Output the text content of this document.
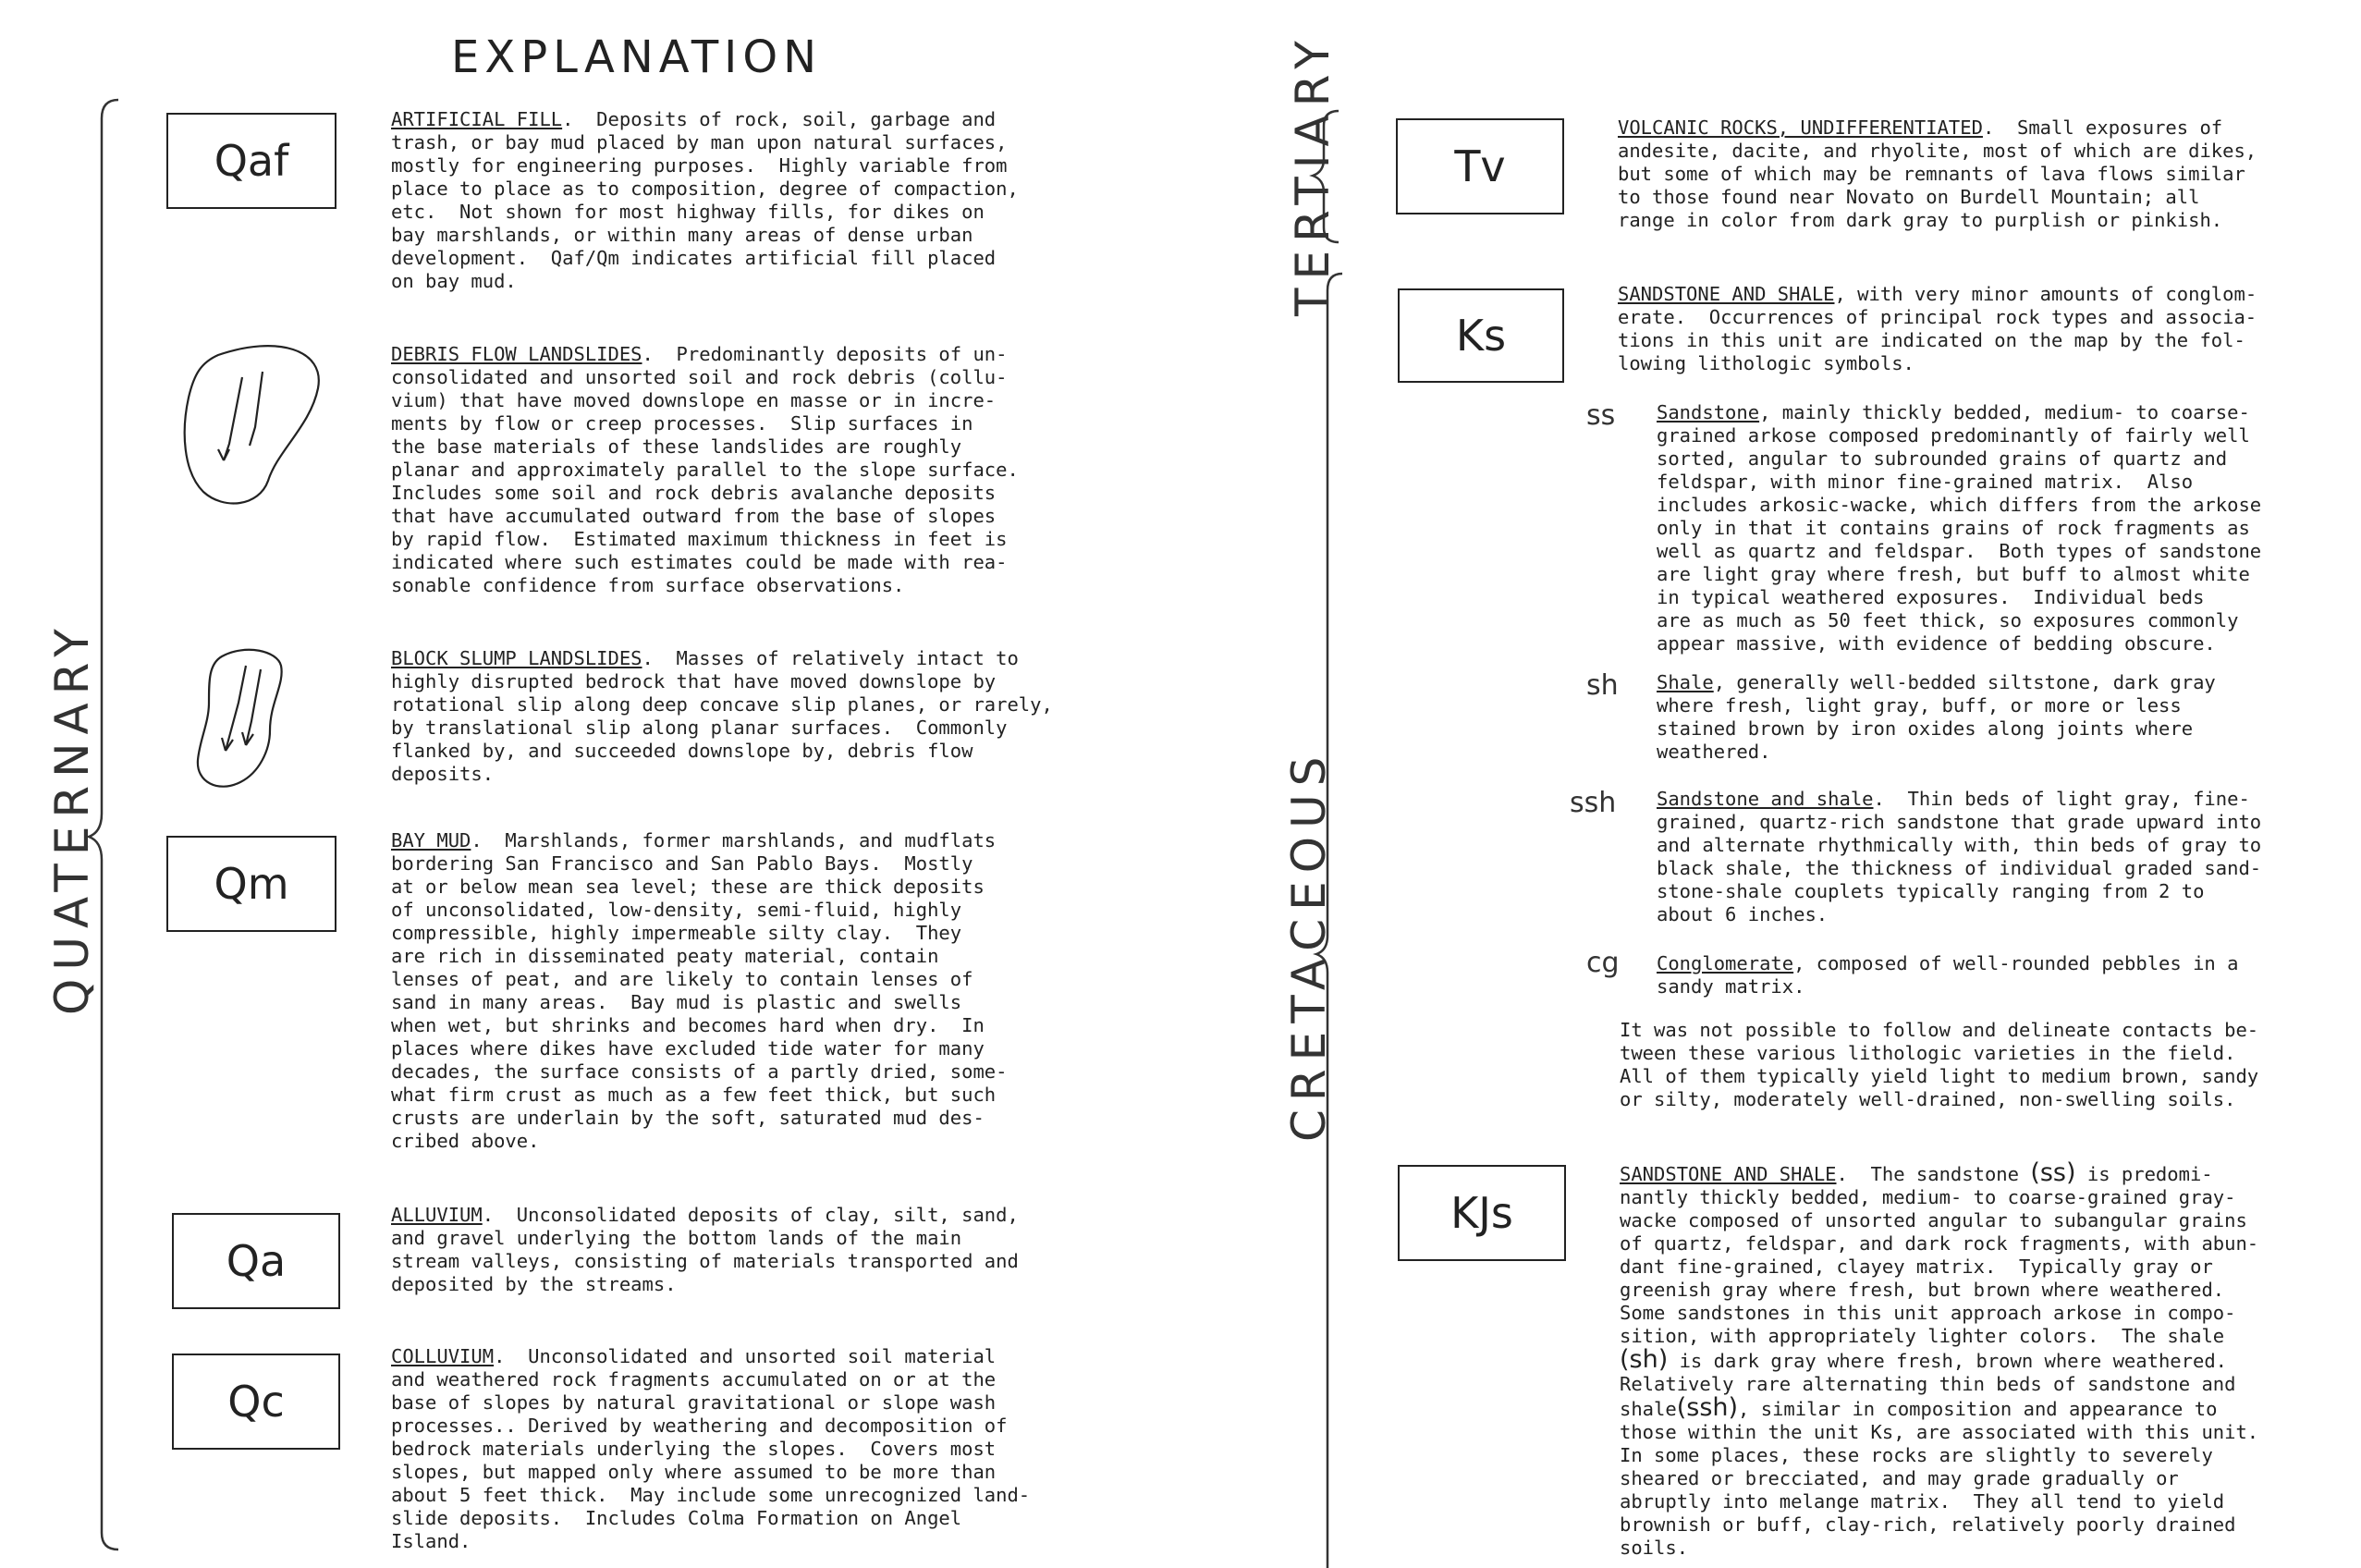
EXPLANATION
QUATERNARY
TERTIARY
CRETACEOUS
Qaf
ARTIFICIAL FILL.  Deposits of rock, soil, garbage and
trash, or bay mud placed by man upon natural surfaces,
mostly for engineering purposes.  Highly variable from
place to place as to composition, degree of compaction,
etc.  Not shown for most highway fills, for dikes on
bay marshlands, or within many areas of dense urban
development.  Qaf/Qm indicates artificial fill placed
on bay mud.
DEBRIS FLOW LANDSLIDES.  Predominantly deposits of un-
consolidated and unsorted soil and rock debris (collu-
vium) that have moved downslope en masse or in incre-
ments by flow or creep processes.  Slip surfaces in
the base materials of these landslides are roughly
planar and approximately parallel to the slope surface.
Includes some soil and rock debris avalanche deposits
that have accumulated outward from the base of slopes
by rapid flow.  Estimated maximum thickness in feet is
indicated where such estimates could be made with rea-
sonable confidence from surface observations.
BLOCK SLUMP LANDSLIDES.  Masses of relatively intact to
highly disrupted bedrock that have moved downslope by
rotational slip along deep concave slip planes, or rarely,
by translational slip along planar surfaces.  Commonly
flanked by, and succeeded downslope by, debris flow
deposits.
Qm
BAY MUD.  Marshlands, former marshlands, and mudflats
bordering San Francisco and San Pablo Bays.  Mostly
at or below mean sea level; these are thick deposits
of unconsolidated, low-density, semi-fluid, highly
compressible, highly impermeable silty clay.  They
are rich in disseminated peaty material, contain
lenses of peat, and are likely to contain lenses of
sand in many areas.  Bay mud is plastic and swells
when wet, but shrinks and becomes hard when dry.  In
places where dikes have excluded tide water for many
decades, the surface consists of a partly dried, some-
what firm crust as much as a few feet thick, but such
crusts are underlain by the soft, saturated mud des-
cribed above.
Qa
ALLUVIUM.  Unconsolidated deposits of clay, silt, sand,
and gravel underlying the bottom lands of the main
stream valleys, consisting of materials transported and
deposited by the streams.
Qc
COLLUVIUM.  Unconsolidated and unsorted soil material
and weathered rock fragments accumulated on or at the
base of slopes by natural gravitational or slope wash
processes.. Derived by weathering and decomposition of
bedrock materials underlying the slopes.  Covers most
slopes, but mapped only where assumed to be more than
about 5 feet thick.  May include some unrecognized land-
slide deposits.  Includes Colma Formation on Angel
Island.
Tv
VOLCANIC ROCKS, UNDIFFERENTIATED.  Small exposures of
andesite, dacite, and rhyolite, most of which are dikes,
but some of which may be remnants of lava flows similar
to those found near Novato on Burdell Mountain; all
range in color from dark gray to purplish or pinkish.
Ks
SANDSTONE AND SHALE, with very minor amounts of conglom-
erate.  Occurrences of principal rock types and associa-
tions in this unit are indicated on the map by the fol-
lowing lithologic symbols.
ss Sandstone, mainly thickly bedded, medium- to coarse-
grained arkose composed predominantly of fairly well
sorted, angular to subrounded grains of quartz and
feldspar, with minor fine-grained matrix.  Also
includes arkosic-wacke, which differs from the arkose
only in that it contains grains of rock fragments as
well as quartz and feldspar.  Both types of sandstone
are light gray where fresh, but buff to almost white
in typical weathered exposures.  Individual beds
are as much as 50 feet thick, so exposures commonly
appear massive, with evidence of bedding obscure.
sh Shale, generally well-bedded siltstone, dark gray
where fresh, light gray, buff, or more or less
stained brown by iron oxides along joints where
weathered.
ssh Sandstone and shale.  Thin beds of light gray, fine-
grained, quartz-rich sandstone that grade upward into
and alternate rhythmically with, thin beds of gray to
black shale, the thickness of individual graded sand-
stone-shale couplets typically ranging from 2 to
about 6 inches.
cg Conglomerate, composed of well-rounded pebbles in a
sandy matrix.
It was not possible to follow and delineate contacts be-
tween these various lithologic varieties in the field.
All of them typically yield light to medium brown, sandy
or silty, moderately well-drained, non-swelling soils.
KJs
SANDSTONE AND SHALE.  The sandstone (ss) is predomi-
nantly thickly bedded, medium- to coarse-grained gray-
wacke composed of unsorted angular to subangular grains
of quartz, feldspar, and dark rock fragments, with abun-
dant fine-grained, clayey matrix.  Typically gray or
greenish gray where fresh, but brown where weathered.
Some sandstones in this unit approach arkose in compo-
sition, with appropriately lighter colors.  The shale
(sh) is dark gray where fresh, brown where weathered.
Relatively rare alternating thin beds of sandstone and
shale(ssh), similar in composition and appearance to
those within the unit Ks, are associated with this unit.
In some places, these rocks are slightly to severely
sheared or brecciated, and may grade gradually or
abruptly into melange matrix.  They all tend to yield
brownish or buff, clay-rich, relatively poorly drained
soils.
